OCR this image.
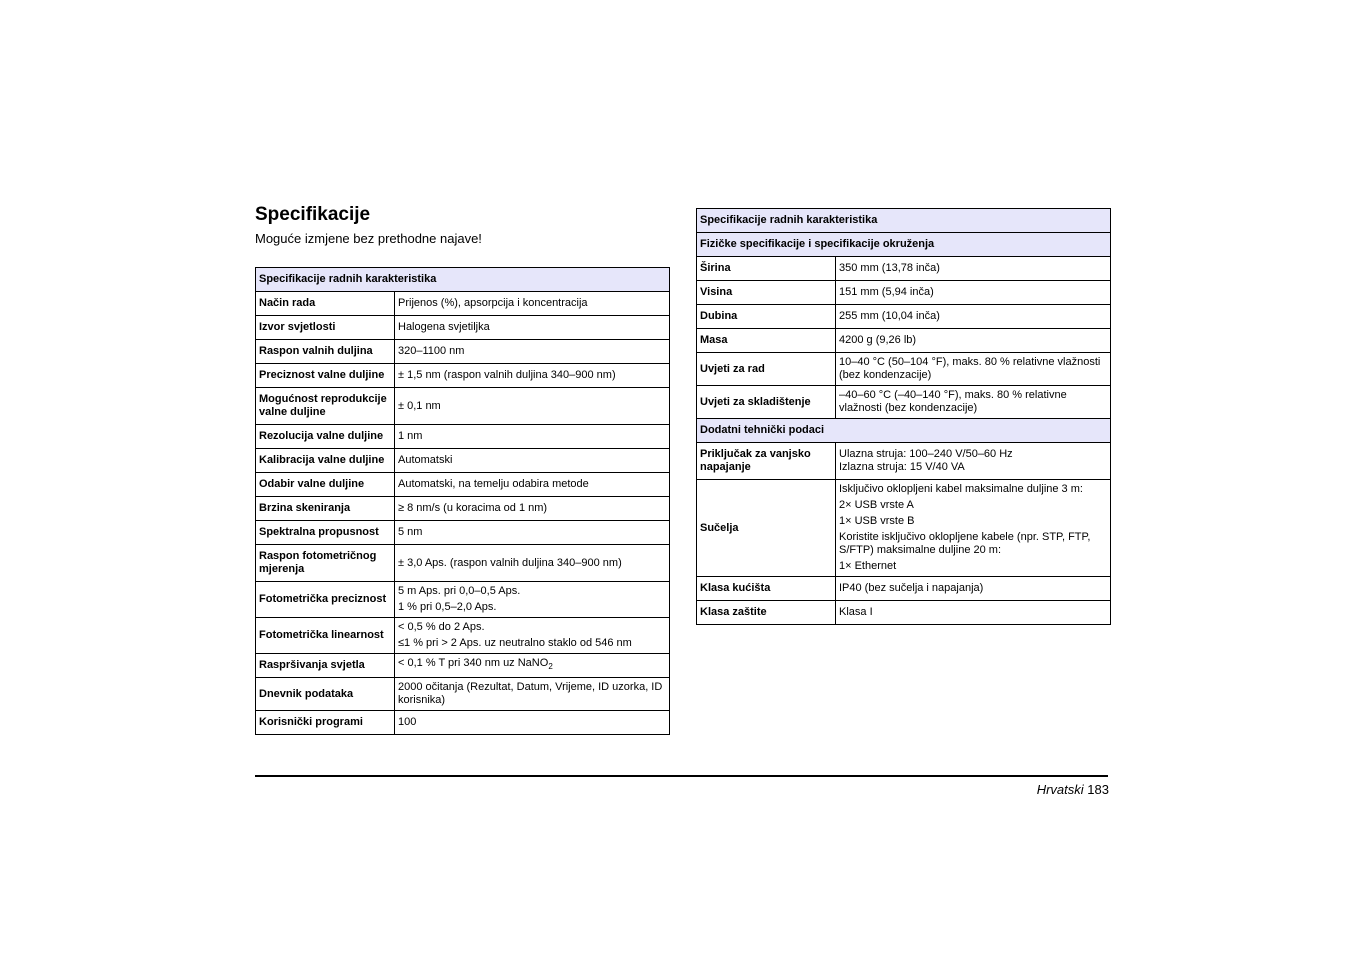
Specifikacije
Moguće izmjene bez prethodne najave!
Specifikacije radnih karakteristika	
Način rada	Prijenos (%), apsorpcija i koncentracija
Izvor svjetlosti	Halogena svjetiljka
Raspon valnih duljina	320–1100 nm
Preciznost valne duljine	± 1,5 nm (raspon valnih duljina 340–900 nm)
Mogućnost reprodukcije valne duljine	± 0,1 nm
Rezolucija valne duljine	1 nm
Kalibracija valne duljine	Automatski
Odabir valne duljine	Automatski, na temelju odabira metode
Brzina skeniranja	≥ 8 nm/s (u koracima od 1 nm)
Spektralna propusnost	5 nm
Raspon fotometričnog mjerenja	± 3,0 Aps. (raspon valnih duljina 340–900 nm)
Fotometrička preciznost	5 m Aps. pri 0,0–0,5 Aps.
1 % pri 0,5–2,0 Aps.

Fotometrička linearnost	< 0,5 % do 2 Aps.
≤1 % pri > 2 Aps. uz neutralno staklo od 546 nm

Raspršivanja svjetla	< 0,1 % T pri 340 nm uz NaNO$_2$
Dnevnik podataka	2000 očitanja (Rezultat, Datum, Vrijeme, ID uzorka, ID korisnika)
Korisnički programi	100
Specifikacije radnih karakteristika	
Fizičke specifikacije i specifikacije okruženja	
Širina	350 mm (13,78 inča)
Visina	151 mm (5,94 inča)
Dubina	255 mm (10,04 inča)
Masa	4200 g (9,26 lb)
Uvjeti za rad	10–40 °C (50–104 °F), maks. 80 % relativne vlažnosti (bez kondenzacije)
Uvjeti za skladištenje	–40–60 °C (–40–140 °F), maks. 80 % relativne vlažnosti (bez kondenzacije)
Dodatni tehnički podaci	
Priključak za vanjsko napajanje	Ulazna struja: 100–240 V/50–60 Hz
Izlazna struja: 15 V/40 VA

Sučelja	Isključivo oklopljeni kabel maksimalne duljine 3 m:
2× USB vrste A
1× USB vrste B
Koristite isključivo oklopljene kabele (npr. STP, FTP, S/FTP) maksimalne duljine 20 m:
1× Ethernet

Klasa kućišta	IP40 (bez sučelja i napajanja)
Klasa zaštite	Klasa I
Hrvatski 183
